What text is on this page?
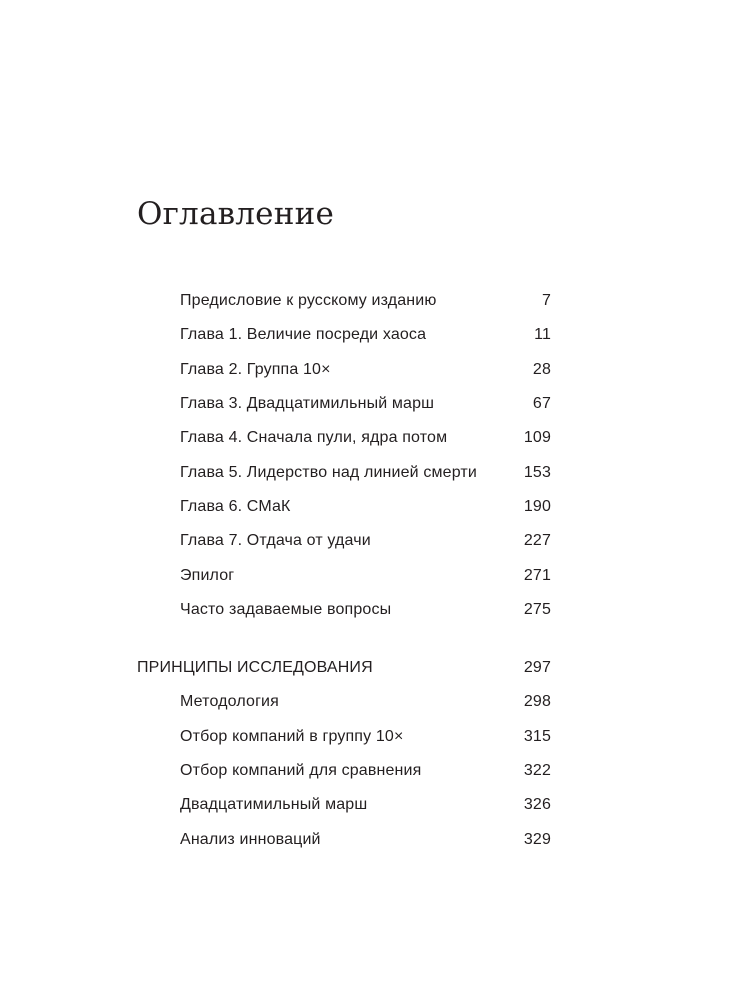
Оглавление
Предисловие к русскому изданию	7
Глава 1. Величие посреди хаоса	11
Глава 2. Группа 10×	28
Глава 3. Двадцатимильный марш	67
Глава 4. Сначала пули, ядра потом	109
Глава 5. Лидерство над линией смерти	153
Глава 6. СМаК	190
Глава 7. Отдача от удачи	227
Эпилог	271
Часто задаваемые вопросы	275
ПРИНЦИПЫ ИССЛЕДОВАНИЯ	297
Методология	298
Отбор компаний в группу 10×	315
Отбор компаний для сравнения	322
Двадцатимильный марш	326
Анализ инноваций	329
